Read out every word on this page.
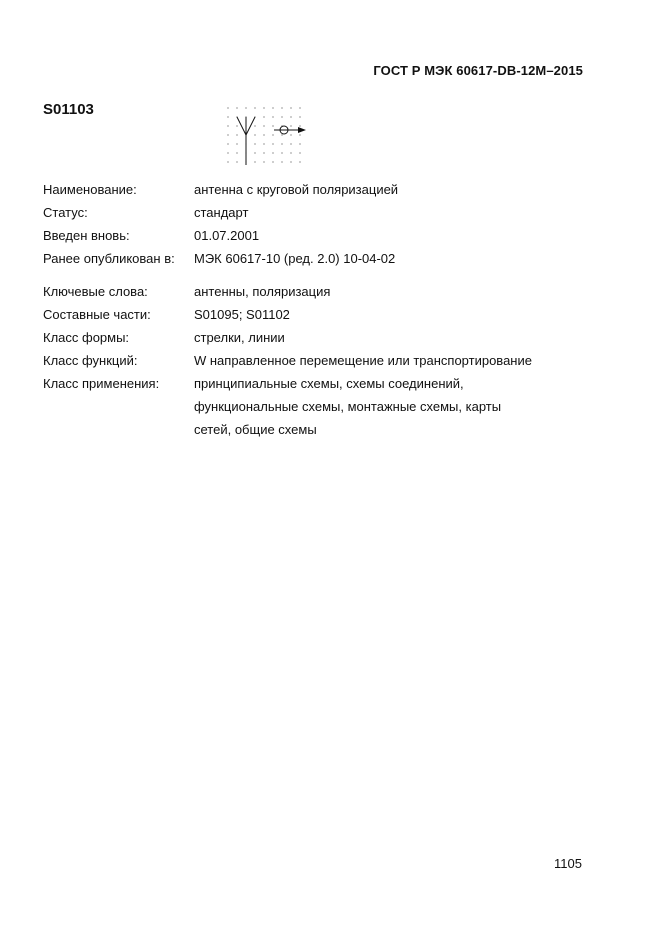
ГОСТ Р МЭК 60617-DB-12M–2015
S01103
Наименование:	антенна с круговой поляризацией
Статус:	стандарт
Введен вновь:	01.07.2001
Ранее опубликован в:	МЭК 60617-10 (ред. 2.0) 10-04-02
Ключевые слова:	антенны, поляризация
Составные части:	S01095; S01102
Класс формы:	стрелки, линии
Класс функций:	W направленное перемещение или транспортирование
Класс применения:	принципиальные схемы, схемы соединений,
функциональные схемы, монтажные схемы, карты
сетей, общие схемы
1105
